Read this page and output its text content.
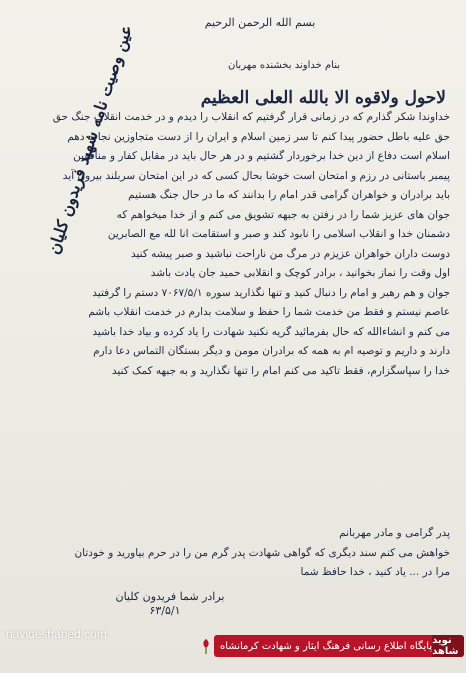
بسم الله الرحمن الرحیم
بنام خداوند بخشنده مهربان
لاحول ولاقوه الا بالله العلی العظیم
عین وصیت نامه شهید فریدون کلیان
خداوندا شکر گذارم که در زمانی قرار گرفتیم که انقلاب را دیدم و در خدمت انقلاب جنگ حق
حق علیه باطل حضور پیدا کنم تا سر زمین اسلام و ایران را از دست متجاوزین نجات دهم
اسلام است دفاع از دین خدا برخوردار گشتیم و در هر حال باید در مقابل کفار و منافقین
پیمبر باستانی در رزم و امتحان است خوشا بحال کسی که در این امتحان سربلند بیرون آید
باید برادران و خواهران گرامی قدر امام را بدانند که ما در حال جنگ هستیم
جوان های عزیز شما را در رفتن به جبهه تشویق می کنم و از خدا میخواهم که
دشمنان خدا و انقلاب اسلامی را نابود کند و صبر و استقامت انا لله مع الصابرین
دوست داران خواهران عزیزم در مرگ من ناراحت نباشید و صبر پیشه کنید
اول وقت را نماز بخوانید ، برادر کوچک و انقلابی حمید جان یادت باشد
جوان و هم رهبر و امام را دنبال کنید و تنها نگذارید سوره ۷۰۶۷/۵/۱ دستم را گرفتید
عاصم نیستم و فقط من خدمت شما را حفظ و سلامت بدارم در خدمت انقلاب باشم
می کنم و انشاءالله که حال بفرمائید گریه نکنید شهادت را یاد کرده و بیاد خدا باشید
دارند و داریم و توصیه ام به همه که برادران مومن و دیگر بستگان التماس دعا دارم
خدا را سپاسگزارم، فقط تاکید می کنم امام را تنها نگذارید و به جبهه کمک کنید
پدر گرامی و مادر مهربانم
خواهش می کنم سند دیگری که گواهی شهادت پدر گرم من را در حرم بیاورید و خودتان
مرا در ... یاد کنید ، خدا حافظ شما
برادر شما فریدون کلیان
۶۳/۵/۱
navideshahed.com
پایگاه اطلاع رسانی فرهنگ ایثار و شهادت کرمانشاه نوید شاهد
